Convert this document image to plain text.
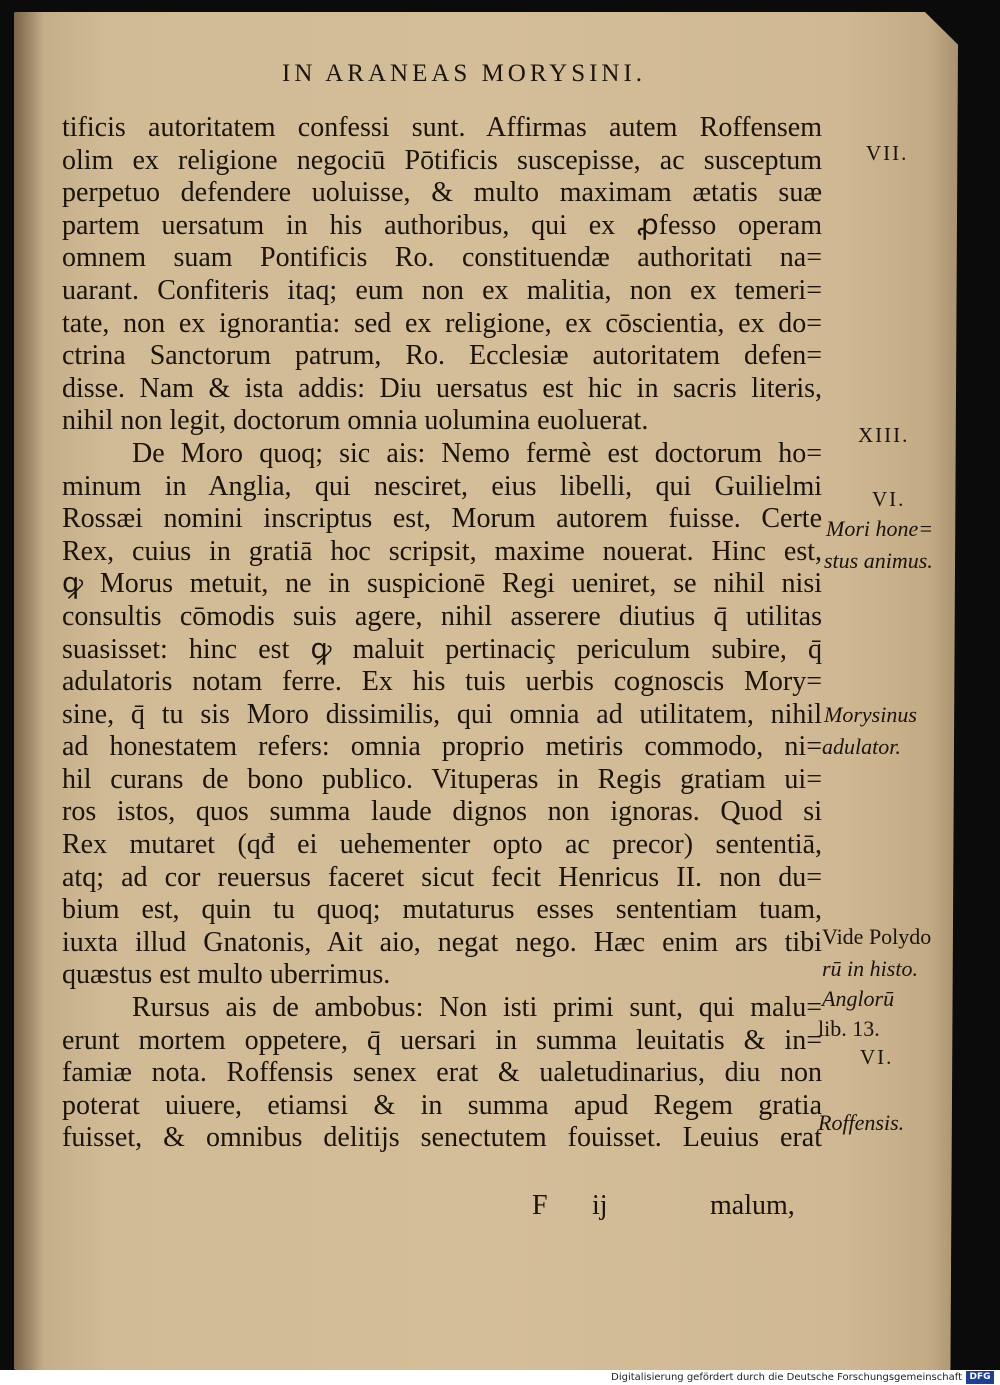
IN ARANEAS MORYSINI.
tificis autoritatem confessi sunt. Affirmas autem Roffensem
olim ex religione negociū Pōtificis suscepisse, ac susceptum
perpetuo defendere uoluisse, & multo maximam ætatis suæ
partem uersatum in his authoribus, qui ex ꝓfesso operam
omnem suam Pontificis Ro. constituendæ authoritati na=
uarant. Confiteris itaq; eum non ex malitia, non ex temeri=
tate, non ex ignorantia: sed ex religione, ex cōscientia, ex do=
ctrina Sanctorum patrum, Ro. Ecclesiæ autoritatem defen=
disse. Nam & ista addis: Diu uersatus est hic in sacris literis,
nihil non legit, doctorum omnia uolumina euoluerat.
De Moro quoq; sic ais: Nemo fermè est doctorum ho=
minum in Anglia, qui nesciret, eius libelli, qui Guilielmi
Rossæi nomini inscriptus est, Morum autorem fuisse. Certe
Rex, cuius in gratiā hoc scripsit, maxime nouerat. Hinc est,
ꝙ Morus metuit, ne in suspicionē Regi ueniret, se nihil nisi
consultis cōmodis suis agere, nihil asserere diutius q̄ utilitas
suasisset: hinc est ꝙ maluit pertinaciç periculum subire, q̄
adulatoris notam ferre. Ex his tuis uerbis cognoscis Mory=
sine, q̄ tu sis Moro dissimilis, qui omnia ad utilitatem, nihil
ad honestatem refers: omnia proprio metiris commodo, ni=
hil curans de bono publico. Vituperas in Regis gratiam ui=
ros istos, quos summa laude dignos non ignoras. Quod si
Rex mutaret (qđ ei uehementer opto ac precor) sententiā,
atq; ad cor reuersus faceret sicut fecit Henricus II. non du=
bium est, quin tu quoq; mutaturus esses sententiam tuam,
iuxta illud Gnatonis, Ait aio, negat nego. Hæc enim ars tibi
quæstus est multo uberrimus.
Rursus ais de ambobus: Non isti primi sunt, qui malu=
erunt mortem oppetere, q̄ uersari in summa leuitatis & in=
famiæ nota. Roffensis senex erat & ualetudinarius, diu non
poterat uiuere, etiamsi & in summa apud Regem gratia
fuisset, & omnibus delitijs senectutem fouisset. Leuius erat
VII.
XIII.
VI.
Mori hone=
stus animus.
Morysinus
adulator.
Vide Polydo
rū in histo.
Anglorū
lib. 13.
VI.
Roffensis.
F ij	malum,
Digitalisierung gefördert durch die Deutsche Forschungsgemeinschaft DFG
